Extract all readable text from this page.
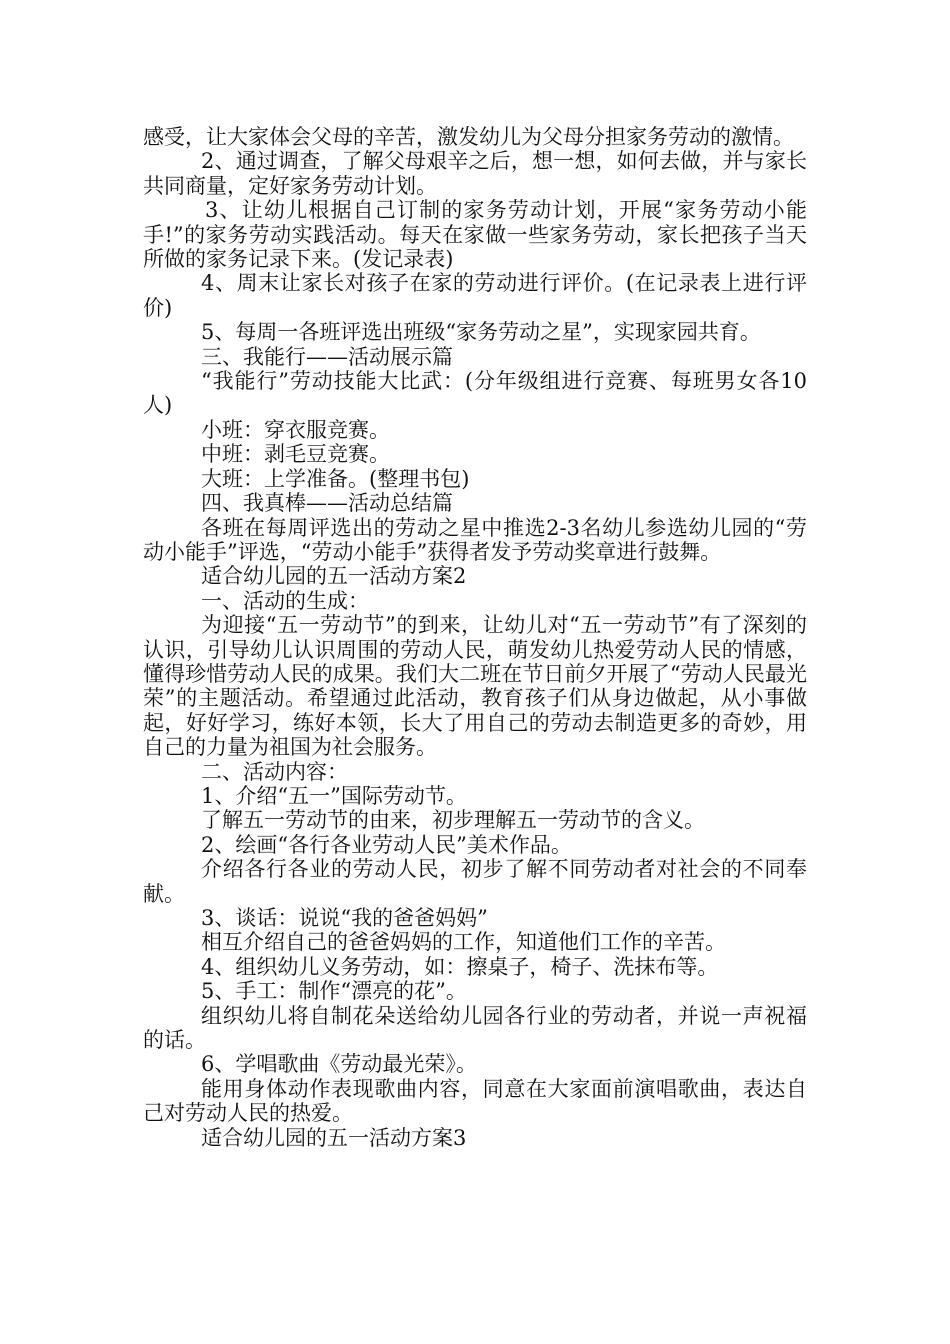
感受，让大家体会父母的辛苦，激发幼儿为父母分担家务劳动的激情。

2、通过调查，了解父母艰辛之后，想一想，如何去做，并与家长共同商量，定好家务劳动计划。

3、让幼儿根据自己订制的家务劳动计划，开展“家务劳动小能手!”的家务劳动实践活动。每天在家做一些家务劳动，家长把孩子当天所做的家务记录下来。(发记录表)

4、周末让家长对孩子在家的劳动进行评价。(在记录表上进行评价)

5、每周一各班评选出班级“家务劳动之星”，实现家园共育。

三、我能行——活动展示篇

“我能行”劳动技能大比武：(分年级组进行竞赛、每班男女各10人)

小班：穿衣服竞赛。

中班：剥毛豆竞赛。

大班：上学准备。(整理书包)

四、我真棒——活动总结篇

各班在每周评选出的劳动之星中推选2-3名幼儿参选幼儿园的“劳动小能手”评选，“劳动小能手”获得者发予劳动奖章进行鼓舞。

适合幼儿园的五一活动方案2

一、活动的生成：

为迎接“五一劳动节”的到来，让幼儿对“五一劳动节”有了深刻的认识，引导幼儿认识周围的劳动人民，萌发幼儿热爱劳动人民的情感，懂得珍惜劳动人民的成果。我们大二班在节日前夕开展了“劳动人民最光荣”的主题活动。希望通过此活动，教育孩子们从身边做起，从小事做起，好好学习，练好本领，长大了用自己的劳动去制造更多的奇妙，用自己的力量为祖国为社会服务。

二、活动内容：

1、介绍“五一”国际劳动节。

了解五一劳动节的由来，初步理解五一劳动节的含义。

2、绘画“各行各业劳动人民”美术作品。

介绍各行各业的劳动人民，初步了解不同劳动者对社会的不同奉献。

3、谈话：说说“我的爸爸妈妈”

相互介绍自己的爸爸妈妈的工作，知道他们工作的辛苦。

4、组织幼儿义务劳动，如：擦桌子，椅子、洗抹布等。

5、手工：制作“漂亮的花”。

组织幼儿将自制花朵送给幼儿园各行业的劳动者，并说一声祝福的话。

6、学唱歌曲《劳动最光荣》。

能用身体动作表现歌曲内容，同意在大家面前演唱歌曲，表达自己对劳动人民的热爱。

适合幼儿园的五一活动方案3
